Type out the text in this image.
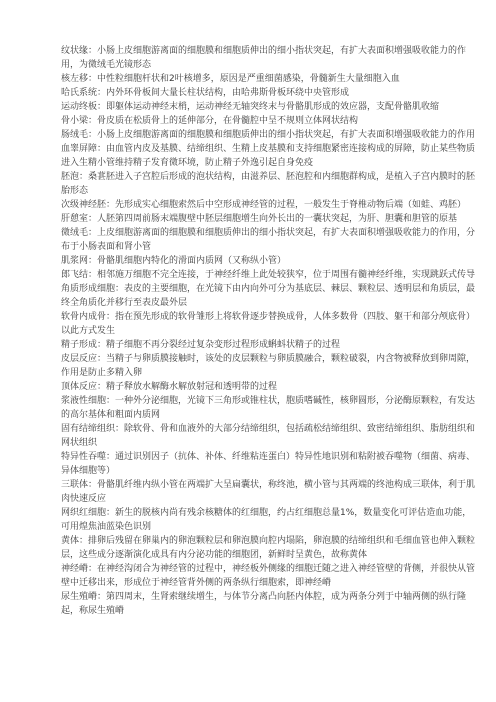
纹状缘：小肠上皮细胞游离面的细胞膜和细胞质伸出的细小指状突起，有扩大表面积增强吸收能力的作用，为微绒毛光镜形态

核左移：中性粒细胞杆状和2叶核增多，原因是严重细菌感染，骨髓新生大量细胞入血

哈氏系统：内外环骨板间大量长柱状结构，由哈弗斯骨板环绕中央管形成

运动终板：即躯体运动神经末梢，运动神经无轴突终末与骨骼肌形成的效应器，支配骨骼肌收缩

骨小梁：骨皮质在松质骨上的延伸部分，在骨髓腔中呈不规则立体网状结构

肠绒毛：小肠上皮细胞游离面的细胞膜和细胞质伸出的细小指状突起，有扩大表面积增强吸收能力的作用

血睾屏障：由血管内皮及基膜、结缔组织、生精上皮基膜和支持细胞紧密连接构成的屏障，防止某些物质进入生精小管维持精子发育微环境，防止精子外逸引起自身免疫

胚泡：桑葚胚进入子宫腔后形成的泡状结构，由滋养层、胚泡腔和内细胞群构成，是植入子宫内膜时的胚胎形态

次级神经胚：先形成实心细胞索然后中空形成神经管的过程，一般发生于脊椎动物后端（如蛙、鸡胚）

肝憩室：人胚第四周前肠末端腹壁中胚层细胞增生向外长出的一囊状突起，为肝、胆囊和胆管的原基

微绒毛：上皮细胞游离面的细胞膜和细胞质伸出的细小指状突起，有扩大表面积增强吸收能力的作用，分布于小肠表面和肾小管

肌浆网：骨骼肌细胞内特化的滑面内质网（又称纵小管）

郎飞结：相邻施万细胞不完全连接，于神经纤维上此处较狭窄，位于周围有髓神经纤维，实现跳跃式传导

角质形成细胞：表皮的主要细胞，在光镜下由内向外可分为基底层、棘层、颗粒层、透明层和角质层，最终全角质化并移行至表皮最外层

软骨内成骨：指在预先形成的软骨雏形上将软骨逐步替换成骨，人体多数骨（四肢、躯干和部分颅底骨）以此方式发生

精子形成：精子细胞不再分裂经过复杂变形过程形成蝌蚪状精子的过程

皮层反应：当精子与卵质膜接触时，该处的皮层颗粒与卵质膜融合，颗粒破裂，内含物被释放到卵周隙，作用是防止多精入卵

顶体反应：精子释放水解酶水解放射冠和透明带的过程

浆液性细胞：一种外分泌细胞，光镜下三角形或锥柱状，胞质嗜碱性，核卵圆形，分泌酶原颗粒，有发达的高尔基体和粗面内质网

固有结缔组织：除软骨、骨和血液外的大部分结缔组织，包括疏松结缔组织、致密结缔组织、脂肪组织和网状组织

特异性吞噬：通过识别因子（抗体、补体、纤维粘连蛋白）特异性地识别和粘附被吞噬物（细菌、病毒、异体细胞等）

三联体：骨骼肌纤维内纵小管在两端扩大呈扁囊状，称终池，横小管与其两端的终池构成三联体，利于肌肉快速反应

网织红细胞：新生的脱核内尚有残余核糖体的红细胞，约占红细胞总量1%，数量变化可评估造血功能，可用煌焦油蓝染色识别

黄体：排卵后残留在卵巢内的卵泡颗粒层和卵泡膜向腔内塌陷，卵泡膜的结缔组织和毛细血管也伸入颗粒层，这些成分逐渐演化成具有内分泌功能的细胞团，新鲜时呈黄色，故称黄体

神经嵴：在神经沟闭合为神经管的过程中，神经板外侧缘的细胞迁随之进入神经管壁的背侧，并很快从管壁中迁移出来，形成位于神经管背外侧的两条纵行细胞索，即神经嵴

尿生殖嵴：第四周末，生肾索继续增生，与体节分离凸向胚内体腔，成为两条分列于中轴两侧的纵行隆起，称尿生殖嵴
